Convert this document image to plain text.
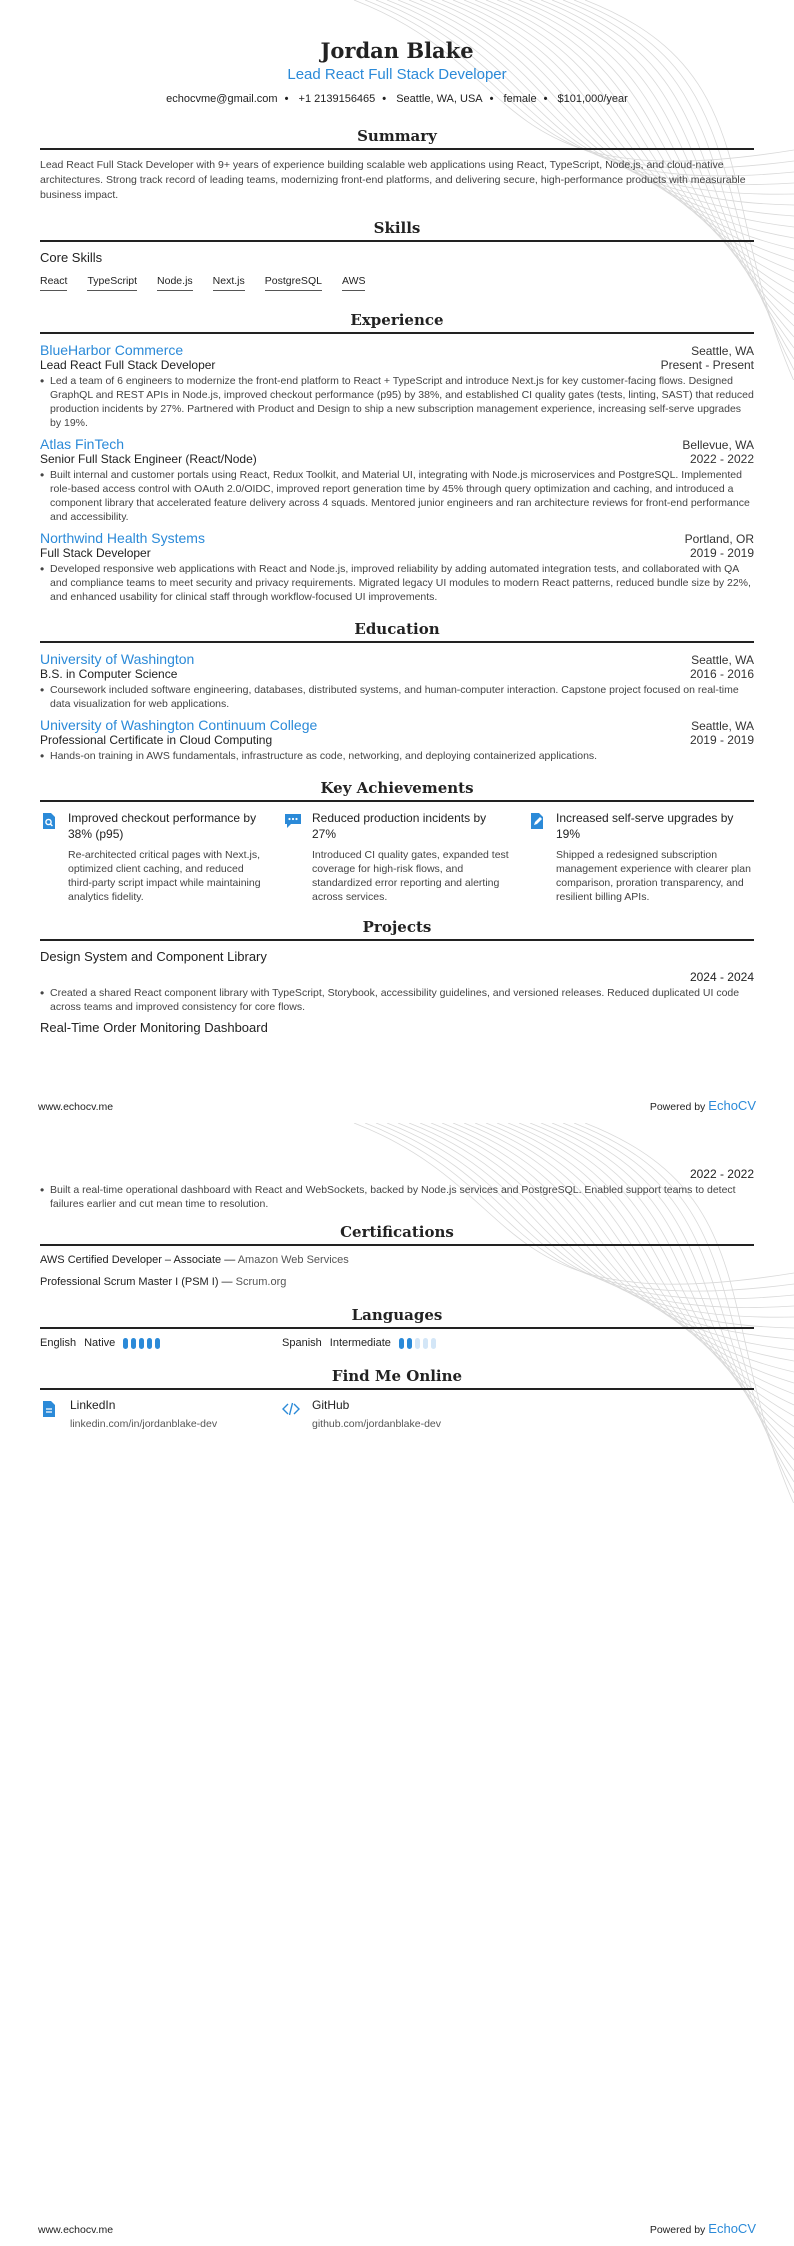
Jordan Blake
Lead React Full Stack Developer
echocvme@gmail.com • +1 2139156465 • Seattle, WA, USA • female • $101,000/year
Summary
Lead React Full Stack Developer with 9+ years of experience building scalable web applications using React, TypeScript, Node.js, and cloud-native architectures. Strong track record of leading teams, modernizing front-end platforms, and delivering secure, high-performance products with measurable business impact.
Skills
Core Skills
React TypeScript Node.js Next.js PostgreSQL AWS
Experience
BlueHarbor Commerce	Seattle, WA
Lead React Full Stack Developer	Present - Present
• Led a team of 6 engineers to modernize the front-end platform to React + TypeScript and introduce Next.js for key customer-facing flows. Designed GraphQL and REST APIs in Node.js, improved checkout performance (p95) by 38%, and established CI quality gates (tests, linting, SAST) that reduced production incidents by 27%. Partnered with Product and Design to ship a new subscription management experience, increasing self-serve upgrades by 19%.
Atlas FinTech	Bellevue, WA
Senior Full Stack Engineer (React/Node)	2022 - 2022
• Built internal and customer portals using React, Redux Toolkit, and Material UI, integrating with Node.js microservices and PostgreSQL. Implemented role-based access control with OAuth 2.0/OIDC, improved report generation time by 45% through query optimization and caching, and introduced a component library that accelerated feature delivery across 4 squads. Mentored junior engineers and ran architecture reviews for front-end performance and accessibility.
Northwind Health Systems	Portland, OR
Full Stack Developer	2019 - 2019
• Developed responsive web applications with React and Node.js, improved reliability by adding automated integration tests, and collaborated with QA and compliance teams to meet security and privacy requirements. Migrated legacy UI modules to modern React patterns, reduced bundle size by 22%, and enhanced usability for clinical staff through workflow-focused UI improvements.
Education
University of Washington	Seattle, WA
B.S. in Computer Science	2016 - 2016
• Coursework included software engineering, databases, distributed systems, and human-computer interaction. Capstone project focused on real-time data visualization for web applications.
University of Washington Continuum College	Seattle, WA
Professional Certificate in Cloud Computing	2019 - 2019
• Hands-on training in AWS fundamentals, infrastructure as code, networking, and deploying containerized applications.
Key Achievements
Improved checkout performance by 38% (p95)
Re-architected critical pages with Next.js, optimized client caching, and reduced third-party script impact while maintaining analytics fidelity.
Reduced production incidents by 27%
Introduced CI quality gates, expanded test coverage for high-risk flows, and standardized error reporting and alerting across services.
Increased self-serve upgrades by 19%
Shipped a redesigned subscription management experience with clearer plan comparison, proration transparency, and resilient billing APIs.
Projects
Design System and Component Library
2024 - 2024
• Created a shared React component library with TypeScript, Storybook, accessibility guidelines, and versioned releases. Reduced duplicated UI code across teams and improved consistency for core flows.
Real-Time Order Monitoring Dashboard
www.echocv.me	Powered by EchoCV
2022 - 2022
• Built a real-time operational dashboard with React and WebSockets, backed by Node.js services and PostgreSQL. Enabled support teams to detect failures earlier and cut mean time to resolution.
Certifications
AWS Certified Developer – Associate — Amazon Web Services
Professional Scrum Master I (PSM I) — Scrum.org
Languages
English Native	Spanish Intermediate
Find Me Online
LinkedIn
linkedin.com/in/jordanblake-dev
GitHub
github.com/jordanblake-dev
www.echocv.me	Powered by EchoCV
